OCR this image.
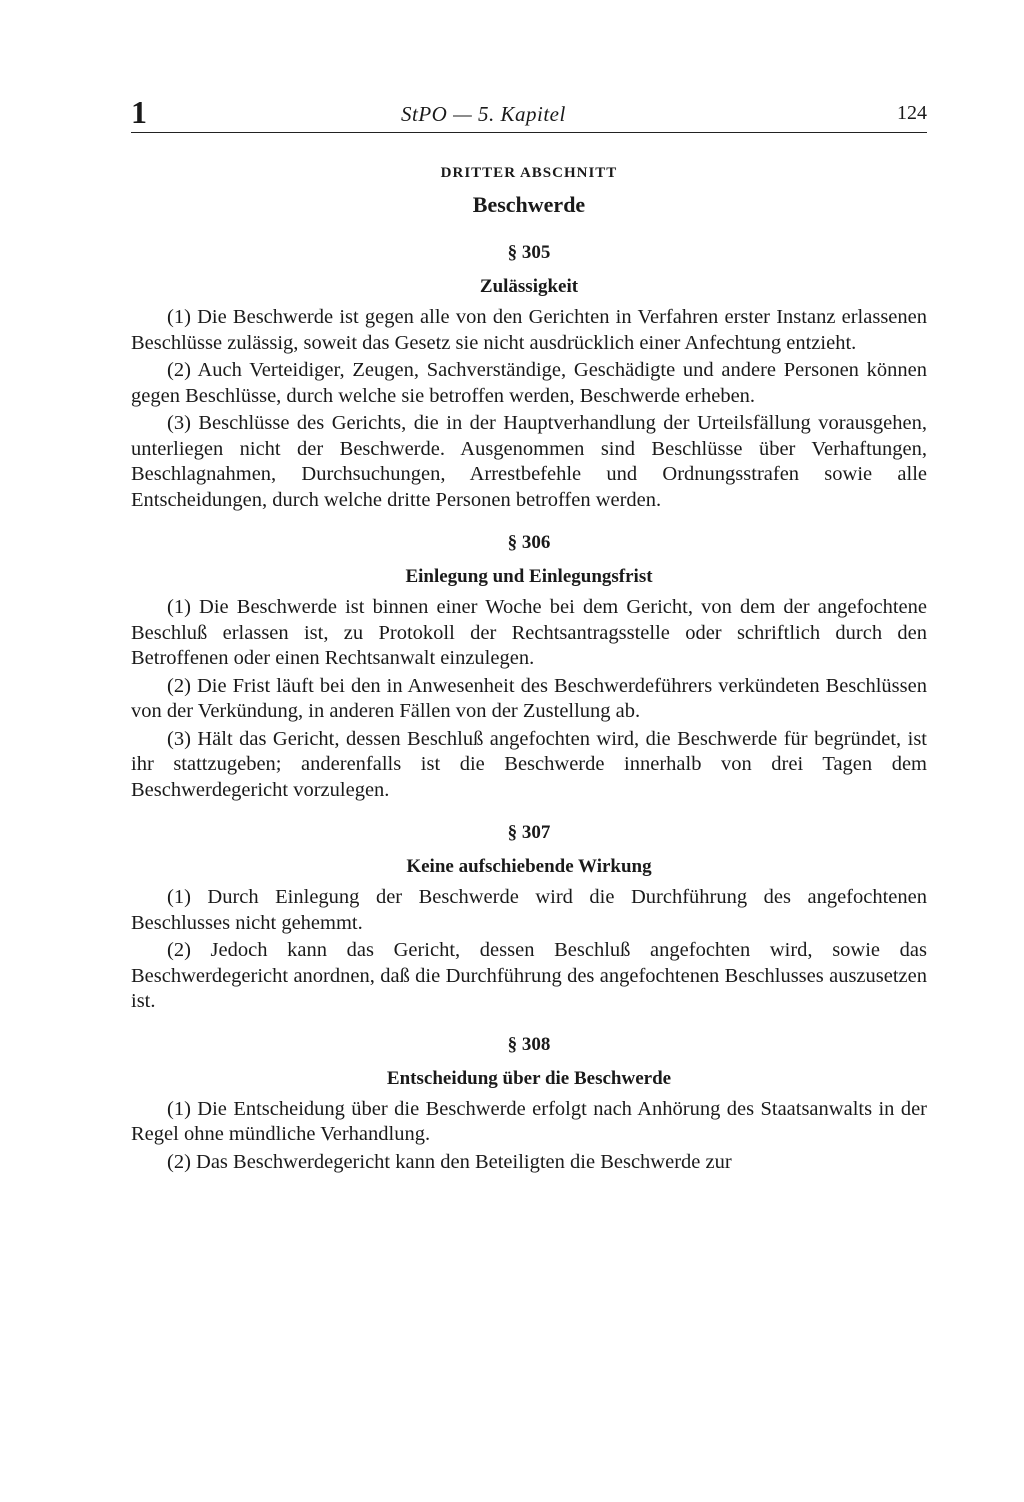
1	StPO — 5. Kapitel	124
DRITTER ABSCHNITT
Beschwerde
§ 305
Zulässigkeit

(1) Die Beschwerde ist gegen alle von den Gerichten in Verfahren erster Instanz erlassenen Beschlüsse zulässig, soweit das Gesetz sie nicht ausdrücklich einer Anfechtung entzieht.

(2) Auch Verteidiger, Zeugen, Sachverständige, Geschädigte und andere Personen können gegen Beschlüsse, durch welche sie betroffen werden, Beschwerde erheben.

(3) Beschlüsse des Gerichts, die in der Hauptverhandlung der Urteilsfällung vorausgehen, unterliegen nicht der Beschwerde. Ausgenommen sind Beschlüsse über Verhaftungen, Beschlagnahmen, Durchsuchungen, Arrestbefehle und Ordnungsstrafen sowie alle Entscheidungen, durch welche dritte Personen betroffen werden.

§ 306
Einlegung und Einlegungsfrist

(1) Die Beschwerde ist binnen einer Woche bei dem Gericht, von dem der angefochtene Beschluß erlassen ist, zu Protokoll der Rechtsantragsstelle oder schriftlich durch den Betroffenen oder einen Rechtsanwalt einzulegen.

(2) Die Frist läuft bei den in Anwesenheit des Beschwerdeführers verkündeten Beschlüssen von der Verkündung, in anderen Fällen von der Zustellung ab.

(3) Hält das Gericht, dessen Beschluß angefochten wird, die Beschwerde für begründet, ist ihr stattzugeben; anderenfalls ist die Beschwerde innerhalb von drei Tagen dem Beschwerdegericht vorzulegen.

§ 307
Keine aufschiebende Wirkung

(1) Durch Einlegung der Beschwerde wird die Durchführung des angefochtenen Beschlusses nicht gehemmt.

(2) Jedoch kann das Gericht, dessen Beschluß angefochten wird, sowie das Beschwerdegericht anordnen, daß die Durchführung des angefochtenen Beschlusses auszusetzen ist.

§ 308
Entscheidung über die Beschwerde

(1) Die Entscheidung über die Beschwerde erfolgt nach Anhörung des Staatsanwalts in der Regel ohne mündliche Verhandlung.

(2) Das Beschwerdegericht kann den Beteiligten die Beschwerde zur
